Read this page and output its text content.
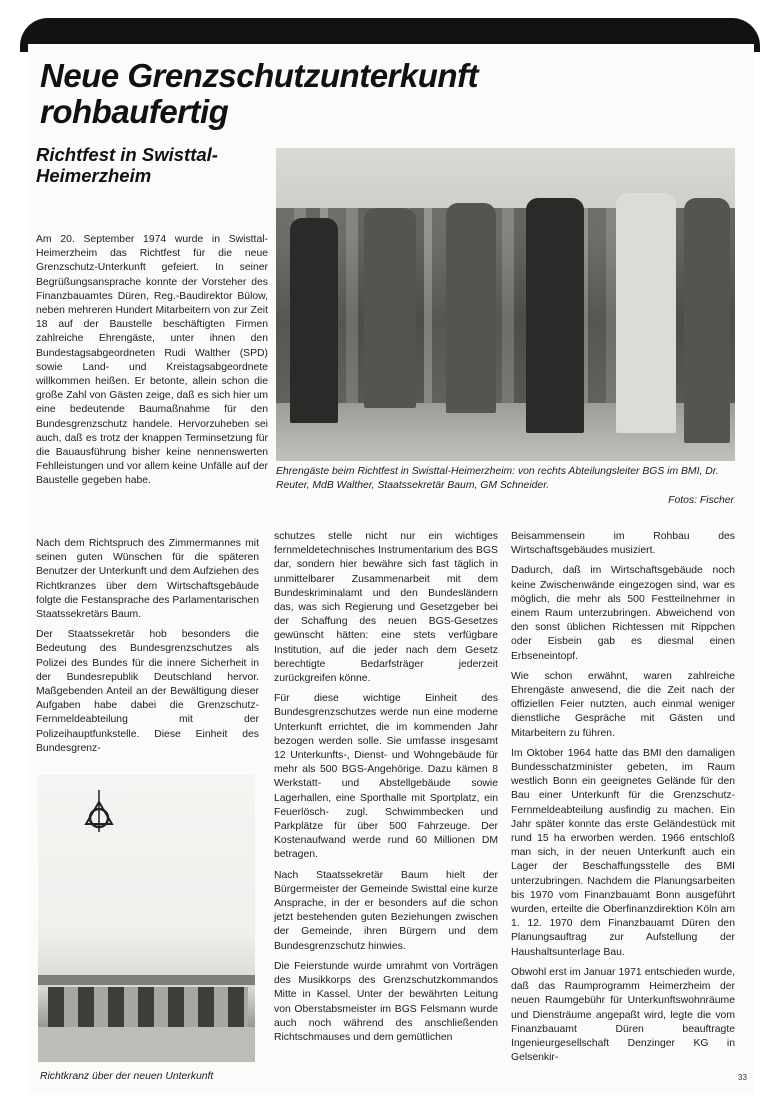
Neue Grenzschutzunterkunft rohbaufertig
Richtfest in Swisttal-Heimerzheim

Am 20. September 1974 wurde in Swisttal-Heimerzheim das Richtfest für die neue Grenzschutz-Unterkunft gefeiert. In seiner Begrüßungsansprache konnte der Vorsteher des Finanzbauamtes Düren, Reg.-Baudirektor Bülow, neben mehreren Hundert Mitarbeitern von zur Zeit 18 auf der Baustelle beschäftigten Firmen zahlreiche Ehrengäste, unter ihnen den Bundestagsabgeordneten Rudi Walther (SPD) sowie Land- und Kreistagsabgeordnete willkommen heißen. Er betonte, allein schon die große Zahl von Gästen zeige, daß es sich hier um eine bedeutende Baumaßnahme für den Bundesgrenzschutz handele. Hervorzuheben sei auch, daß es trotz der knappen Terminsetzung für die Bauausführung bisher keine nennenswerten Fehlleistungen und vor allem keine Unfälle auf der Baustelle gegeben habe.

Ehrengäste beim Richtfest in Swisttal-Heimerzheim: von rechts Abteilungsleiter BGS im BMI, Dr. Reuter, MdB Walther, Staatssekretär Baum, GM Schneider.
Fotos: Fischer

Nach dem Richtspruch des Zimmermannes mit seinen guten Wünschen für die späteren Benutzer der Unterkunft und dem Aufziehen des Richtkranzes über dem Wirtschaftsgebäude folgte die Festansprache des Parlamentarischen Staatssekretärs Baum.

Der Staatssekretär hob besonders die Bedeutung des Bundesgrenzschutzes als Polizei des Bundes für die innere Sicherheit in der Bundesrepublik Deutschland hervor. Maßgebenden Anteil an der Bewältigung dieser Aufgaben habe dabei die Grenzschutz-Fernmeldeabteilung mit der Polizeihauptfunkstelle. Diese Einheit des Bundesgrenz-

schutzes stelle nicht nur ein wichtiges fernmeldetechnisches Instrumentarium des BGS dar, sondern hier bewähre sich fast täglich in unmittelbarer Zusammenarbeit mit dem Bundeskriminalamt und den Bundesländern das, was sich Regierung und Gesetzgeber bei der Schaffung des neuen BGS-Gesetzes gewünscht hätten: eine stets verfügbare Institution, auf die jeder nach dem Gesetz berechtigte Bedarfsträger jederzeit zurückgreifen könne.

Für diese wichtige Einheit des Bundesgrenzschutzes werde nun eine moderne Unterkunft errichtet, die im kommenden Jahr bezogen werden solle. Sie umfasse insgesamt 12 Unterkunfts-, Dienst- und Wohngebäude für mehr als 500 BGS-Angehörige. Dazu kämen 8 Werkstatt- und Abstellgebäude sowie Lagerhallen, eine Sporthalle mit Sportplatz, ein Feuerlösch- zugl. Schwimmbecken und Parkplätze für über 500 Fahrzeuge. Der Kostenaufwand werde rund 60 Millionen DM betragen.

Nach Staatssekretär Baum hielt der Bürgermeister der Gemeinde Swisttal eine kurze Ansprache, in der er besonders auf die schon jetzt bestehenden guten Beziehungen zwischen der Gemeinde, ihren Bürgern und dem Bundesgrenzschutz hinwies.

Die Feierstunde wurde umrahmt von Vorträgen des Musikkorps des Grenzschutzkommandos Mitte in Kassel. Unter der bewährten Leitung von Oberstabsmeister im BGS Felsmann wurde auch noch während des anschließenden Richtschmauses und dem gemütlichen

Beisammensein im Rohbau des Wirtschaftsgebäudes musiziert.

Dadurch, daß im Wirtschaftsgebäude noch keine Zwischenwände eingezogen sind, war es möglich, die mehr als 500 Festteilnehmer in einem Raum unterzubringen. Abweichend von den sonst üblichen Richtessen mit Rippchen oder Eisbein gab es diesmal einen Erbseneintopf.

Wie schon erwähnt, waren zahlreiche Ehrengäste anwesend, die die Zeit nach der offiziellen Feier nutzten, auch einmal weniger dienstliche Gespräche mit Gästen und Mitarbeitern zu führen.

Im Oktober 1964 hatte das BMI den damaligen Bundesschatzminister gebeten, im Raum westlich Bonn ein geeignetes Gelände für den Bau einer Unterkunft für die Grenzschutz-Fernmeldeabteilung ausfindig zu machen. Ein Jahr später konnte das erste Geländestück mit rund 15 ha erworben werden. 1966 entschloß man sich, in der neuen Unterkunft auch ein Lager der Beschaffungsstelle des BMI unterzubringen. Nachdem die Planungsarbeiten bis 1970 vom Finanzbauamt Bonn ausgeführt wurden, erteilte die Oberfinanzdirektion Köln am 1. 12. 1970 dem Finanzbauamt Düren den Planungsauftrag zur Aufstellung der Haushaltsunterlage Bau.

Obwohl erst im Januar 1971 entschieden wurde, daß das Raumprogramm Heimerzheim der neuen Raumgebühr für Unterkunftswohnräume und Diensträume angepaßt wird, legte die vom Finanzbauamt Düren beauftragte Ingenieurgesellschaft Denzinger KG in Gelsenkir-

Richtkranz über der neuen Unterkunft	33
